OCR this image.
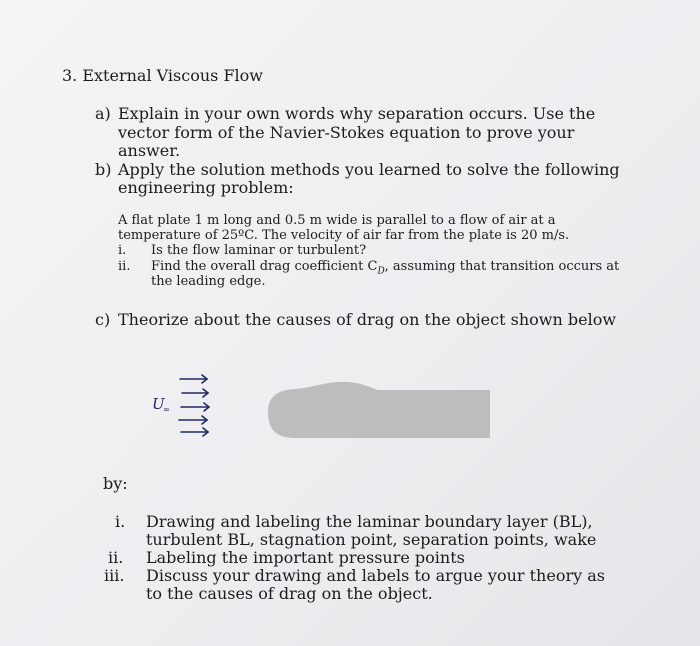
3. External Viscous Flow
a) Explain in your own words why separation occurs. Use the
vector form of the Navier-Stokes equation to prove your
answer.
b) Apply the solution methods you learned to solve the following
engineering problem:
A flat plate 1 m long and 0.5 m wide is parallel to a flow of air at a
temperature of 25ºC. The velocity of air far from the plate is 20 m/s.
i. Is the flow laminar or turbulent?
ii. Find the overall drag coefficient $C_D$, assuming that transition occurs at
the leading edge.
c) Theorize about the causes of drag on the object shown below
U
∞
by:
i. Drawing and labeling the laminar boundary layer (BL),
turbulent BL, stagnation point, separation points, wake
ii. Labeling the important pressure points
iii. Discuss your drawing and labels to argue your theory as
to the causes of drag on the object.
